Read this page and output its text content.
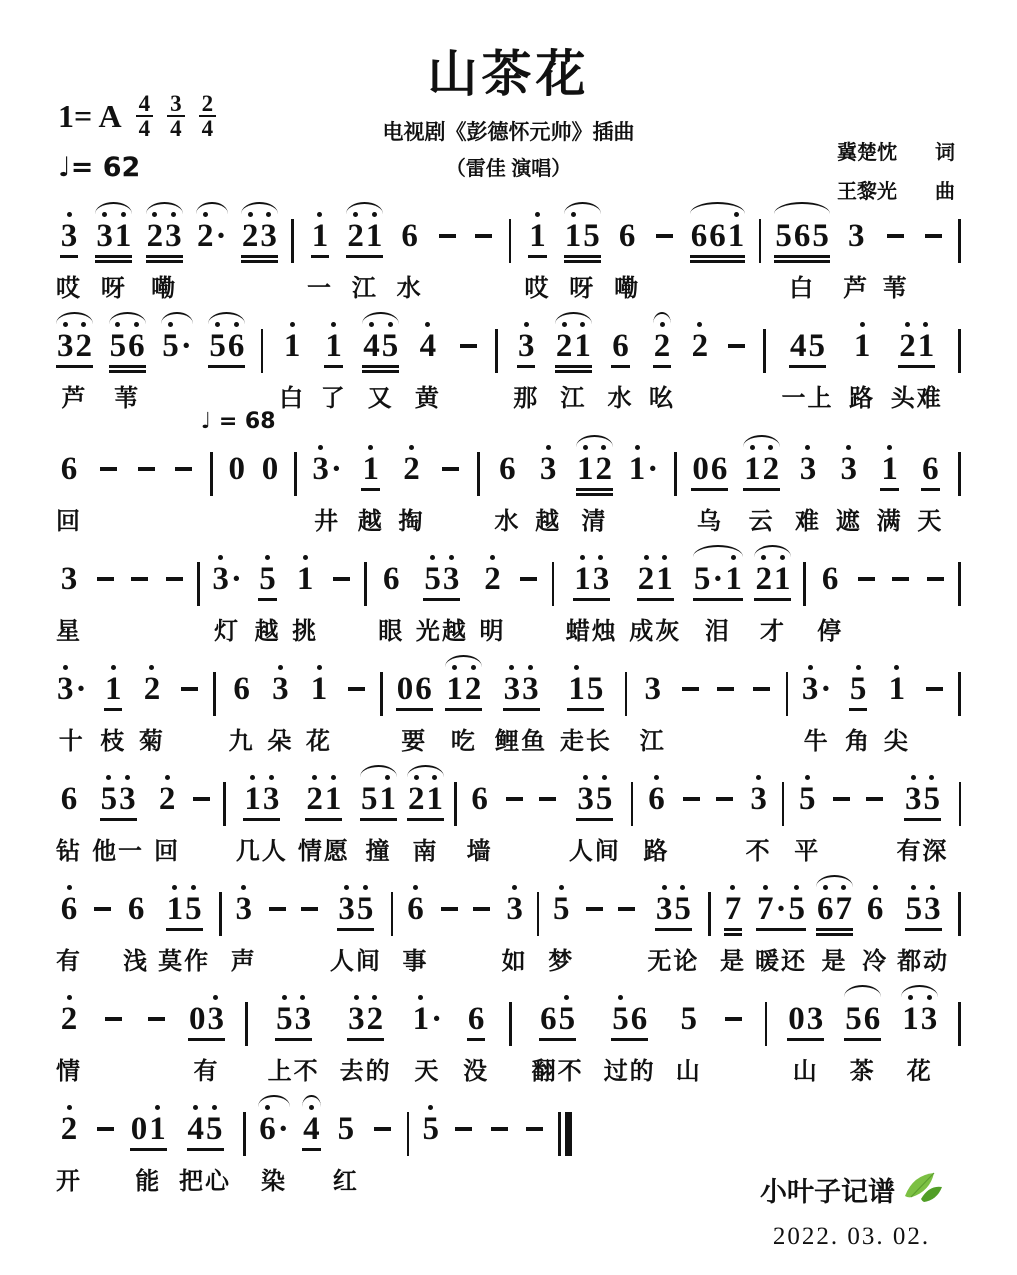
山茶花
1= A $\frac{4}{4} \frac{3}{4} \frac{2}{4}$
♩= 62
电视剧《彭德怀元帅》插曲
（雷佳 演唱）
冀楚忱 词
王黎光 曲
3
哎
3 1
呀
2 3
嘞
2 · 2 3 1
一
2 1
江
6
水
1
哎
1 5
呀
6
嘞
6 6 1 5 6 5
白
3
芦 苇
3 2
芦
5 6
苇
5 · 5 6 1
白
1
了
4 5
又
4
黄
3
那
2 1
江
6
水
2
吆
2 4 5
一上
1
路
2 1
头难
♩ = 68
6
回
0 0 3 ·
井
1
越
2
掏
6
水
3
越
1 2
清
1 · 0 6
乌
1 2
云
3
难
3
遮
1
满
6
天
3
星
3 ·
灯
5
越
1
挑
6
眼
5 3
光越
2
明
1 3
蜡烛
2 1
成灰
5 · 1
泪
2 1
才
6
停
3 ·
十
1
枝
2
菊
6
九
3
朵
1
花
0 6
要
1 2
吃
3 3
鲤鱼
1 5
走长
3
江
3 ·
牛
5
角
1
尖
6
钻
5 3
他一
2
回
1 3
几人
2 1
情愿
5 1
撞
2 1
南
6
墙
3 5
人间
6
路
3
不
5
平
3 5
有深
6
有
6
浅
1 5
莫作
3
声
3 5
人间
6
事
3
如
5
梦
3 5
无论
7
是
7 · 5
暖还
6 7
是
6
冷
5 3
都动
2
情
0 3
有
5 3
上不
3 2
去的
1 ·
天
6
没
6 5
翻不
5 6
过的
5
山
0 3
山
5 6
茶
1 3
花
2
开
0 1
能
4 5
把心
6 ·
染
4 5
红
5
小叶子记谱
2022. 03. 02.
